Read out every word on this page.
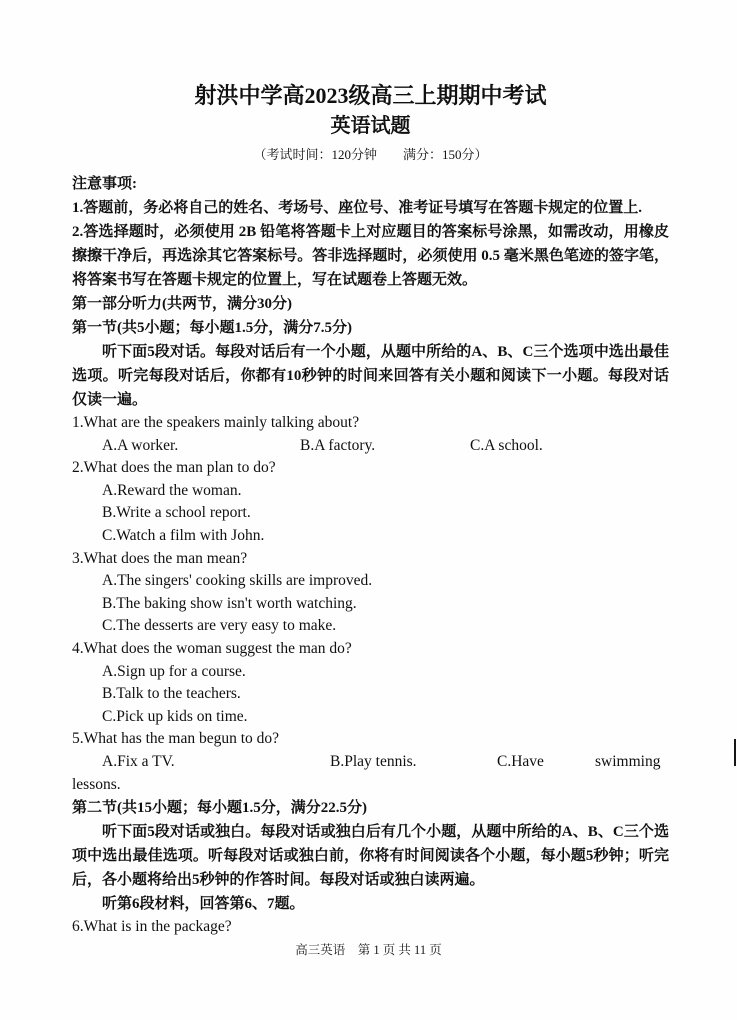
射洪中学高2023级高三上期期中考试
英语试题
（考试时间：120分钟　　满分：150分）
注意事项:
1.答题前，务必将自己的姓名、考场号、座位号、准考证号填写在答题卡规定的位置上.
2.答选择题时，必须使用 2B 铅笔将答题卡上对应题目的答案标号涂黑，如需改动，用橡皮擦擦干净后，再选涂其它答案标号。答非选择题时，必须使用 0.5 毫米黑色笔迹的签字笔，将答案书写在答题卡规定的位置上，写在试题卷上答题无效。
第一部分听力(共两节，满分30分)
第一节(共5小题；每小题1.5分，满分7.5分)
听下面5段对话。每段对话后有一个小题，从题中所给的A、B、C三个选项中选出最佳选项。听完每段对话后，你都有10秒钟的时间来回答有关小题和阅读下一小题。每段对话仅读一遍。
1.What are the speakers mainly talking about?
A.A worker.	B.A factory.	C.A school.
2.What does the man plan to do?
A.Reward the woman.
B.Write a school report.
C.Watch a film with John.
3.What does the man mean?
A.The singers' cooking skills are improved.
B.The baking show isn't worth watching.
C.The desserts are very easy to make.
4.What does the woman suggest the man do?
A.Sign up for a course.
B.Talk to the teachers.
C.Pick up kids on time.
5.What has the man begun to do?
A.Fix a TV.	B.Play tennis.	C.Have	swimming
lessons.
第二节(共15小题；每小题1.5分，满分22.5分)
听下面5段对话或独白。每段对话或独白后有几个小题，从题中所给的A、B、C三个选项中选出最佳选项。听每段对话或独白前，你将有时间阅读各个小题，每小题5秒钟；听完后，各小题将给出5秒钟的作答时间。每段对话或独白读两遍。
听第6段材料，回答第6、7题。
6.What is in the package?
高三英语　第 1 页 共 11 页
